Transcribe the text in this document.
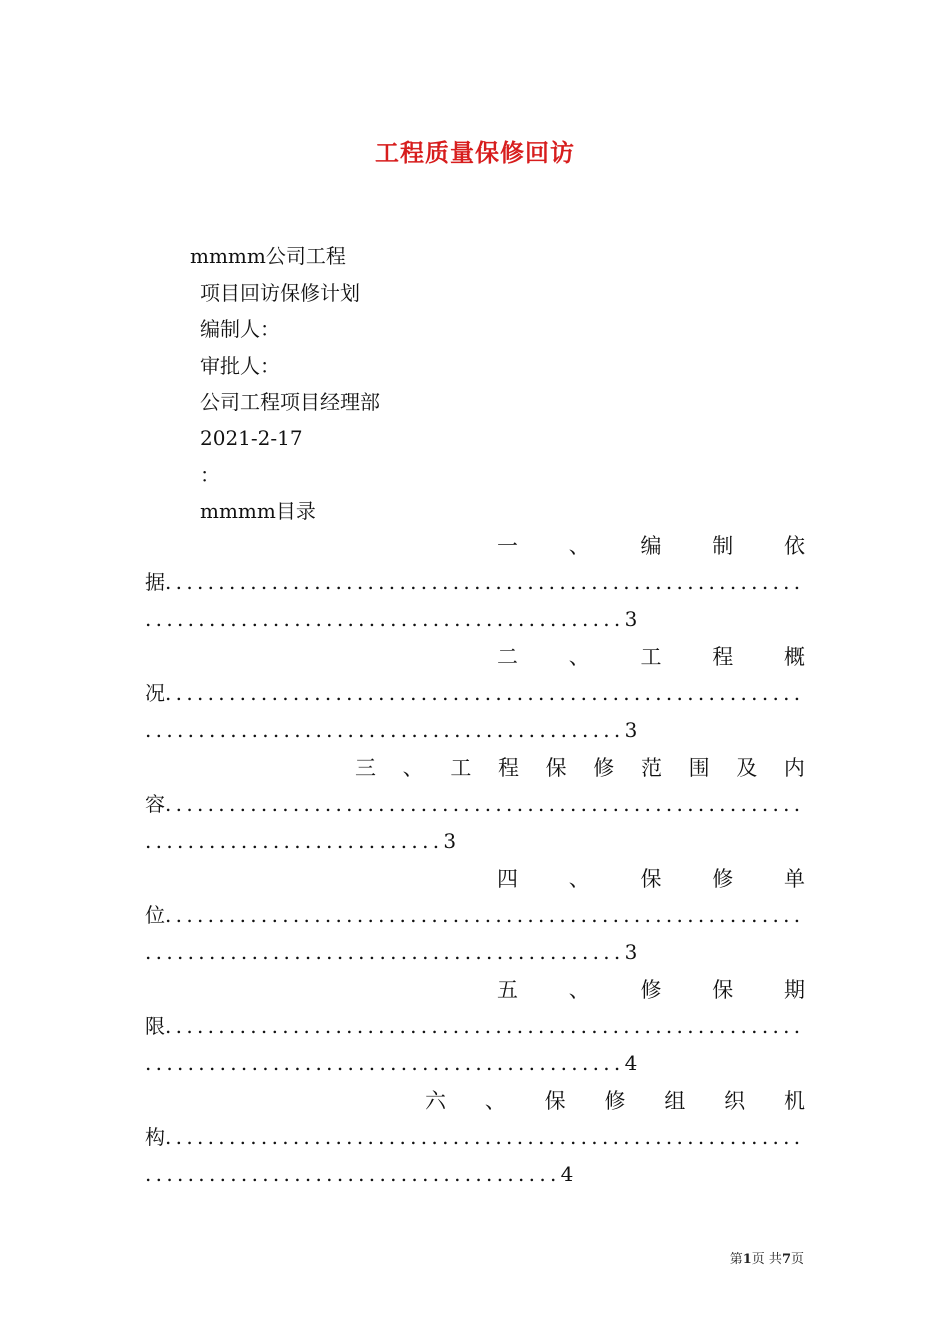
工程质量保修回访
mmmm公司工程
项目回访保修计划
编制人：
审批人：
公司工程项目经理部
2021-2-17
：
mmmm目录
一 、 编 制 依
据............................................................
.............................................3
二 、 工 程 概
况............................................................
.............................................3
三 、 工 程 保 修 范 围 及 内
容............................................................
............................3
四 、 保 修 单
位............................................................
.............................................3
五 、 修 保 期
限............................................................
.............................................4
六 、 保 修 组 织 机
构............................................................
.......................................4
第1页 共7页
